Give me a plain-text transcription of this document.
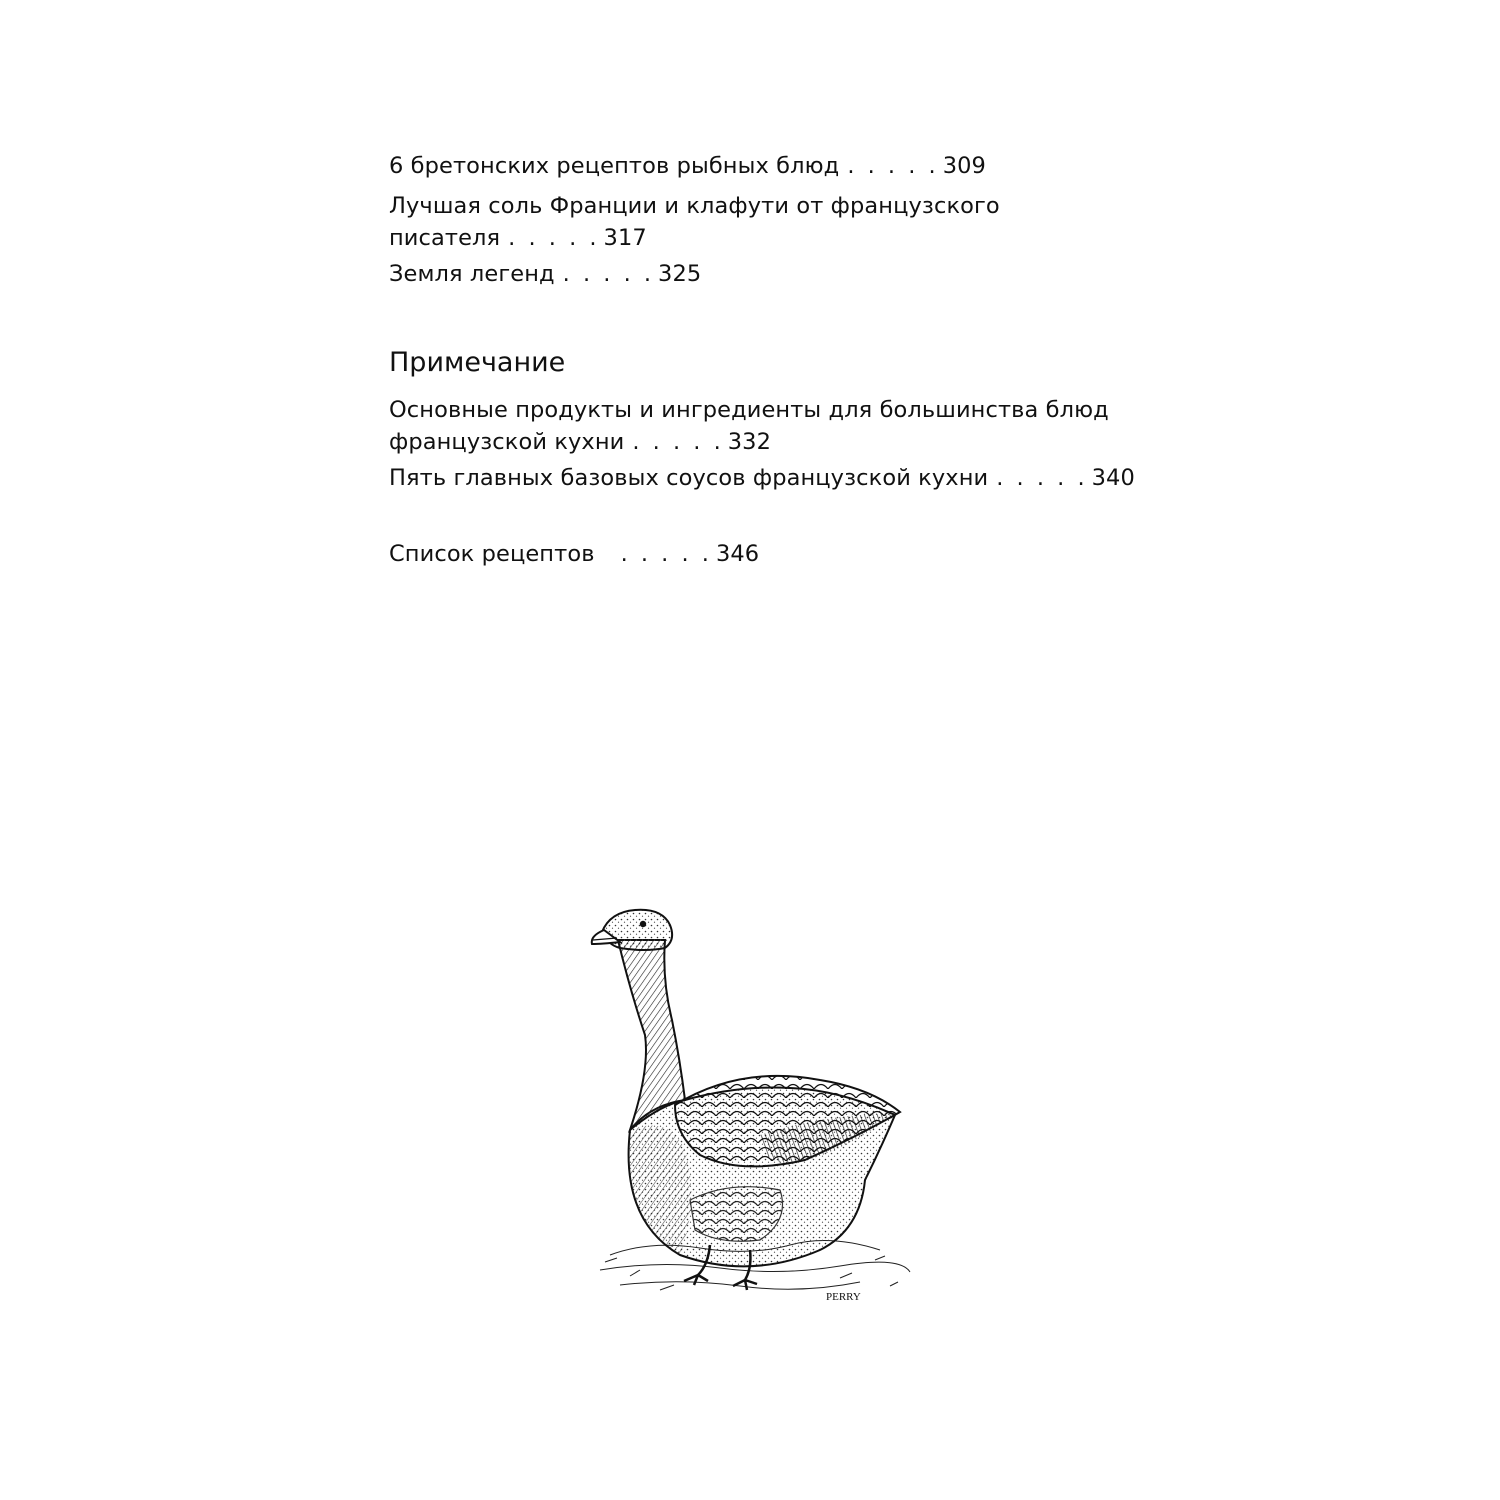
6 бретонских рецептов рыбных блюд . . . . . 309

Лучшая соль Франции и клафути от французского
писателя . . . . . 317

Земля легенд . . . . . 325

Примечание

Основные продукты и ингредиенты для большинства блюд
французской кухни . . . . . 332

Пять главных базовых соусов французской кухни . . . . . 340

Список рецептов . . . . . 346

PERRY
